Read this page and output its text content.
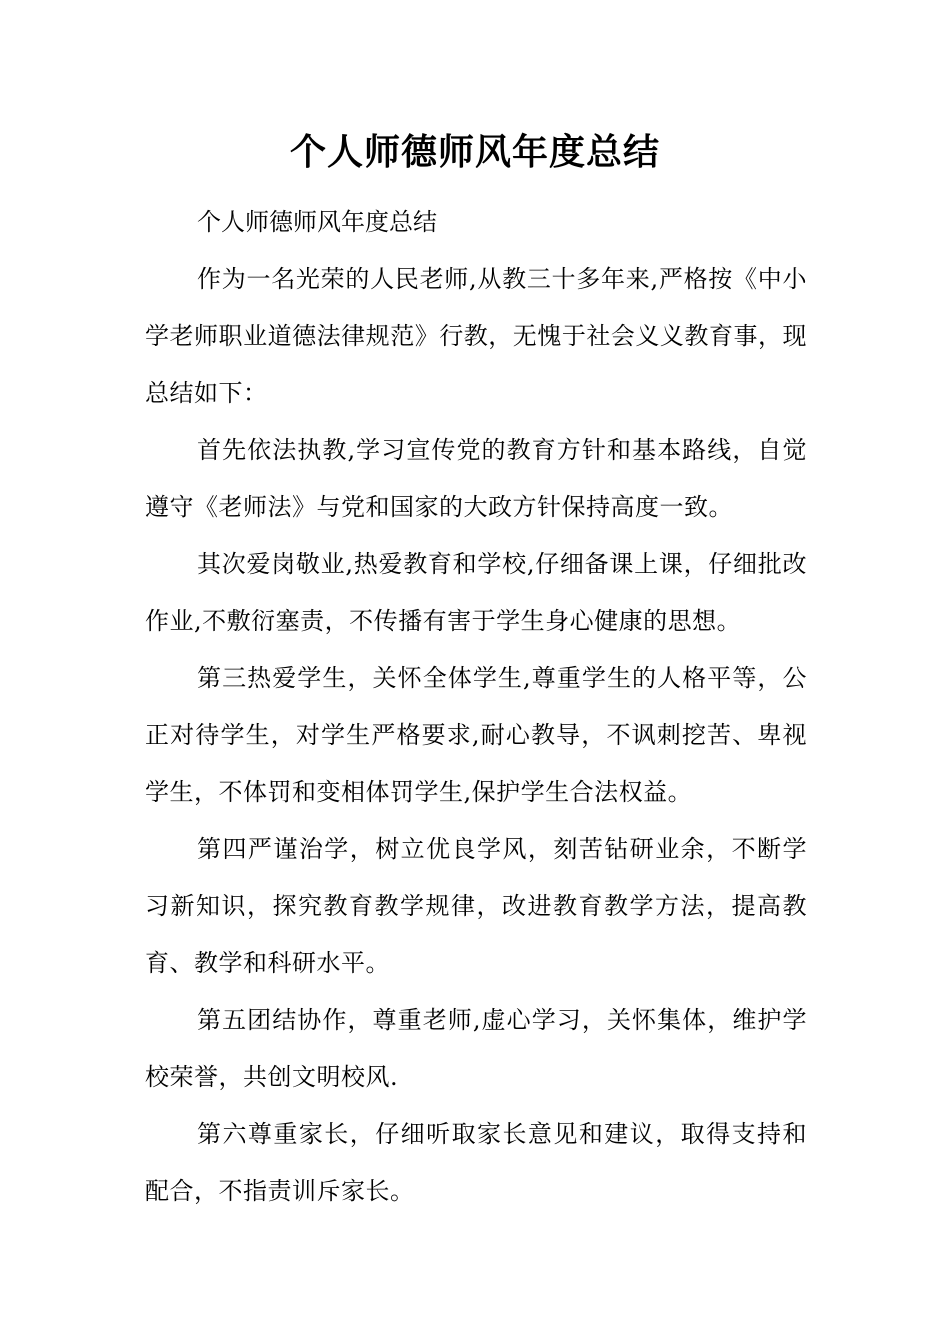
个人师德师风年度总结

个人师德师风年度总结

作为一名光荣的人民老师,从教三十多年来,严格按《中小学老师职业道德法律规范》行教，无愧于社会义义教育事，现总结如下：

首先依法执教,学习宣传党的教育方针和基本路线，自觉遵守《老师法》与党和国家的大政方针保持高度一致。

其次爱岗敬业,热爱教育和学校,仔细备课上课，仔细批改作业,不敷衍塞责，不传播有害于学生身心健康的思想。

第三热爱学生，关怀全体学生,尊重学生的人格平等，公正对待学生，对学生严格要求,耐心教导，不讽刺挖苦、卑视学生，不体罚和变相体罚学生,保护学生合法权益。

第四严谨治学，树立优良学风，刻苦钻研业余，不断学习新知识，探究教育教学规律，改进教育教学方法，提高教育、教学和科研水平。

第五团结协作，尊重老师,虚心学习，关怀集体，维护学校荣誉，共创文明校风.

第六尊重家长，仔细听取家长意见和建议，取得支持和配合，不指责训斥家长。
